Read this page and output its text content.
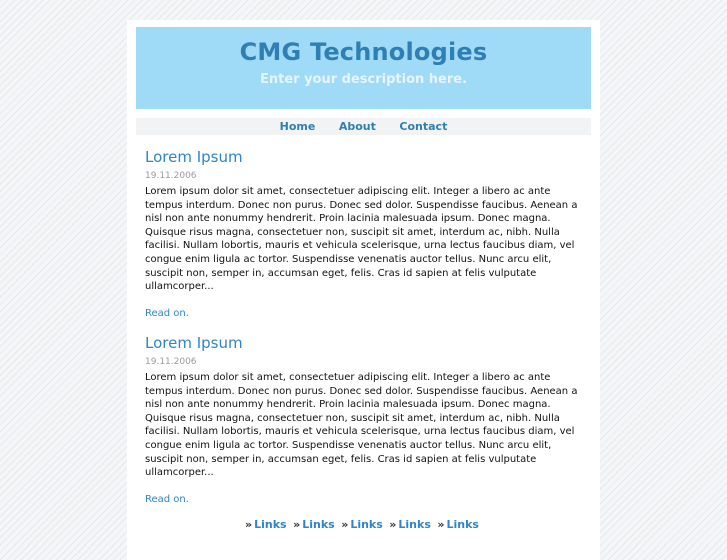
CMG Technologies
Enter your description here.
Home About Contact
Lorem Ipsum
19.11.2006

Lorem ipsum dolor sit amet, consectetuer adipiscing elit. Integer a libero ac ante tempus interdum. Donec non purus. Donec sed dolor. Suspendisse faucibus. Aenean a nisl non ante nonummy hendrerit. Proin lacinia malesuada ipsum. Donec magna. Quisque risus magna, consectetuer non, suscipit sit amet, interdum ac, nibh. Nulla facilisi. Nullam lobortis, mauris et vehicula scelerisque, urna lectus faucibus diam, vel congue enim ligula ac tortor. Suspendisse venenatis auctor tellus. Nunc arcu elit, suscipit non, semper in, accumsan eget, felis. Cras id sapien at felis vulputate ullamcorper...

Read on.
Lorem Ipsum
19.11.2006

Lorem ipsum dolor sit amet, consectetuer adipiscing elit. Integer a libero ac ante tempus interdum. Donec non purus. Donec sed dolor. Suspendisse faucibus. Aenean a nisl non ante nonummy hendrerit. Proin lacinia malesuada ipsum. Donec magna. Quisque risus magna, consectetuer non, suscipit sit amet, interdum ac, nibh. Nulla facilisi. Nullam lobortis, mauris et vehicula scelerisque, urna lectus faucibus diam, vel congue enim ligula ac tortor. Suspendisse venenatis auctor tellus. Nunc arcu elit, suscipit non, semper in, accumsan eget, felis. Cras id sapien at felis vulputate ullamcorper...

Read on.
» Links » Links » Links » Links » Links
